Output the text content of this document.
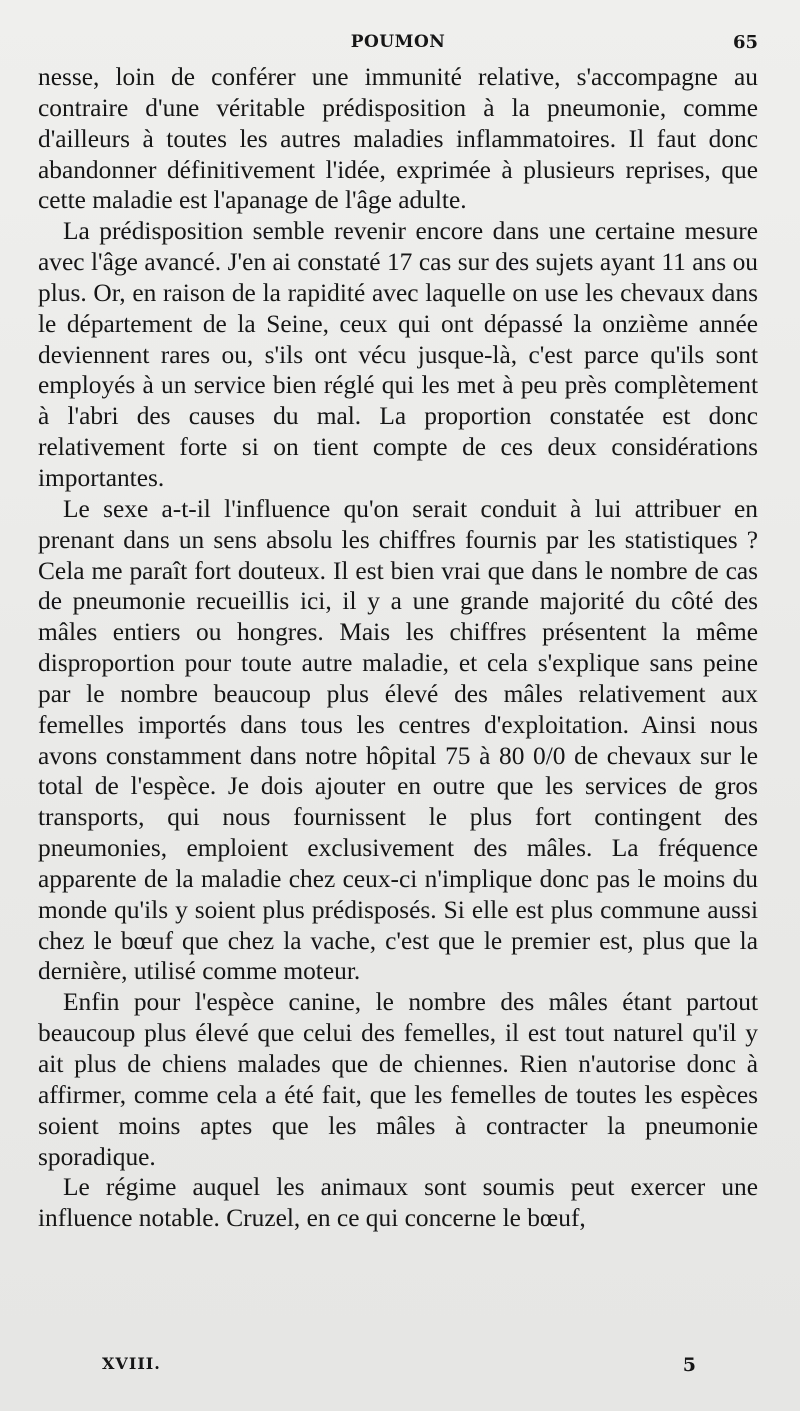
POUMON	65

nesse, loin de conférer une immunité relative, s'accompagne au contraire d'une véritable prédisposition à la pneumonie, comme d'ailleurs à toutes les autres maladies inflammatoires. Il faut donc abandonner définitivement l'idée, exprimée à plusieurs reprises, que cette maladie est l'apanage de l'âge adulte.

La prédisposition semble revenir encore dans une certaine mesure avec l'âge avancé. J'en ai constaté 17 cas sur des sujets ayant 11 ans ou plus. Or, en raison de la rapidité avec laquelle on use les chevaux dans le département de la Seine, ceux qui ont dépassé la onzième année deviennent rares ou, s'ils ont vécu jusque-là, c'est parce qu'ils sont employés à un service bien réglé qui les met à peu près complètement à l'abri des causes du mal. La proportion constatée est donc relativement forte si on tient compte de ces deux considérations importantes.

Le sexe a-t-il l'influence qu'on serait conduit à lui attribuer en prenant dans un sens absolu les chiffres fournis par les statistiques ? Cela me paraît fort douteux. Il est bien vrai que dans le nombre de cas de pneumonie recueillis ici, il y a une grande majorité du côté des mâles entiers ou hongres. Mais les chiffres présentent la même disproportion pour toute autre maladie, et cela s'explique sans peine par le nombre beaucoup plus élevé des mâles relativement aux femelles importés dans tous les centres d'exploitation. Ainsi nous avons constamment dans notre hôpital 75 à 80 0/0 de chevaux sur le total de l'espèce. Je dois ajouter en outre que les services de gros transports, qui nous fournissent le plus fort contingent des pneumonies, emploient exclusivement des mâles. La fréquence apparente de la maladie chez ceux-ci n'implique donc pas le moins du monde qu'ils y soient plus prédisposés. Si elle est plus commune aussi chez le bœuf que chez la vache, c'est que le premier est, plus que la dernière, utilisé comme moteur.

Enfin pour l'espèce canine, le nombre des mâles étant partout beaucoup plus élevé que celui des femelles, il est tout naturel qu'il y ait plus de chiens malades que de chiennes. Rien n'autorise donc à affirmer, comme cela a été fait, que les femelles de toutes les espèces soient moins aptes que les mâles à contracter la pneumonie sporadique.

Le régime auquel les animaux sont soumis peut exercer une influence notable. Cruzel, en ce qui concerne le bœuf,

XVIII.	5
